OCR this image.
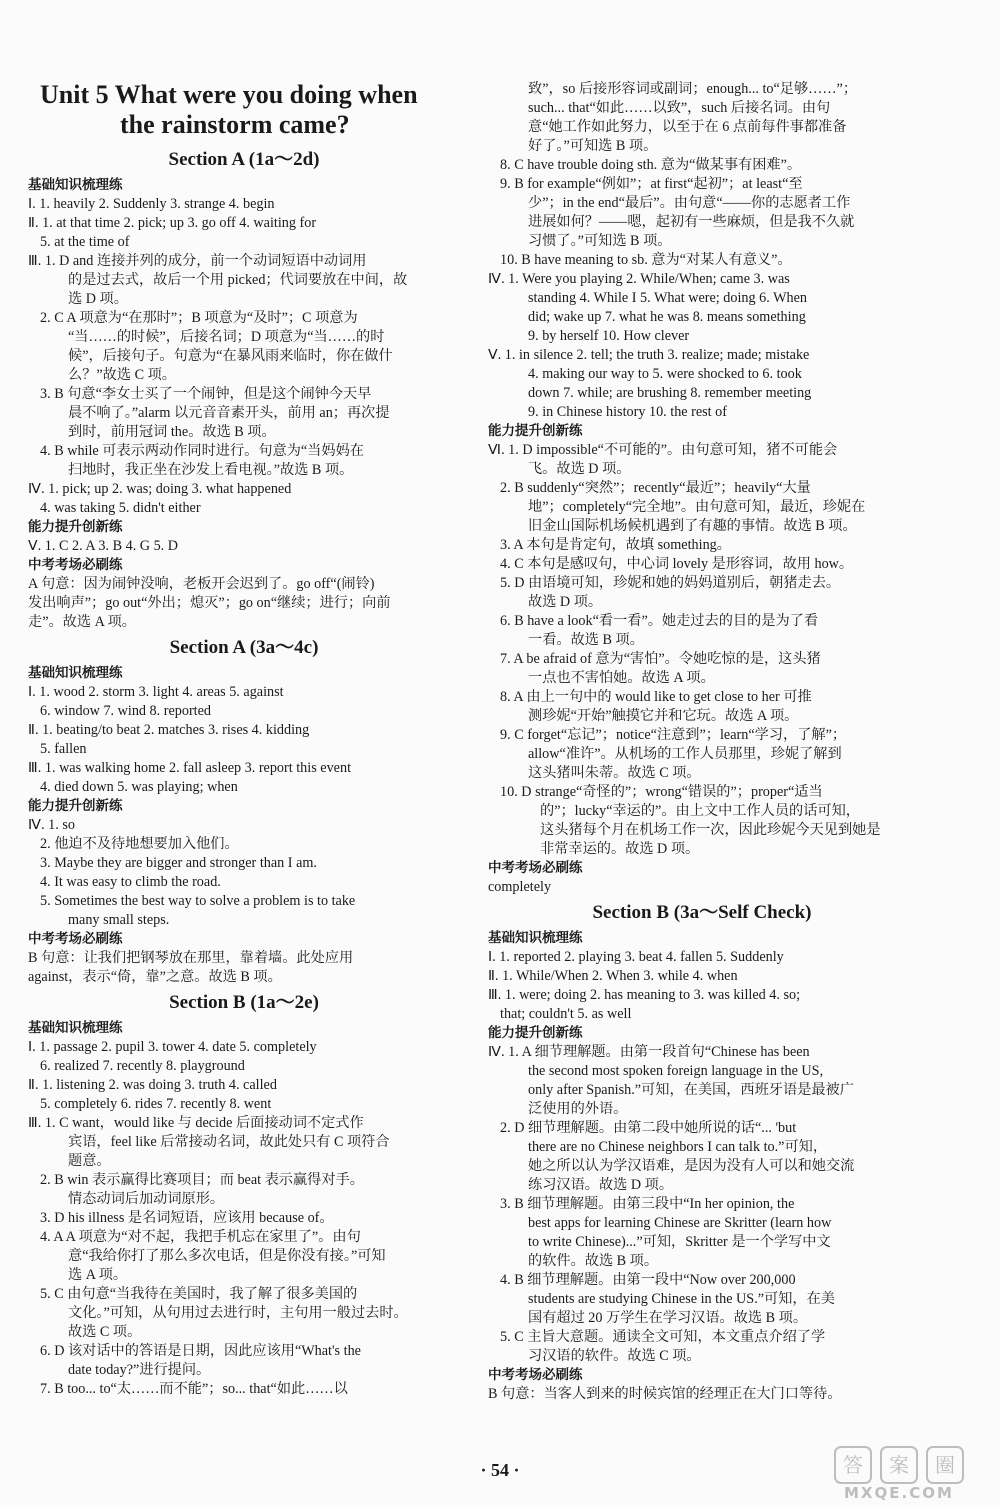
Unit 5 What were you doing when
the rainstorm came?
Section A (1a～2d)
基础知识梳理练
Ⅰ. 1. heavily 2. Suddenly 3. strange 4. begin
Ⅱ. 1. at that time 2. pick; up 3. go off 4. waiting for
5. at the time of
Ⅲ. 1. D and 连接并列的成分，前一个动词短语中动词用
的是过去式，故后一个用 picked；代词要放在中间，故
选 D 项。
2. C A 项意为“在那时”；B 项意为“及时”；C 项意为
“当……的时候”，后接名词；D 项意为“当……的时
候”，后接句子。句意为“在暴风雨来临时，你在做什
么？”故选 C 项。
3. B 句意“李女士买了一个闹钟，但是这个闹钟今天早
晨不响了。”alarm 以元音音素开头，前用 an；再次提
到时，前用冠词 the。故选 B 项。
4. B while 可表示两动作同时进行。句意为“当妈妈在
扫地时，我正坐在沙发上看电视。”故选 B 项。
Ⅳ. 1. pick; up 2. was; doing 3. what happened
4. was taking 5. didn't either
能力提升创新练
Ⅴ. 1. C 2. A 3. B 4. G 5. D
中考考场必刷练
A 句意：因为闹钟没响，老板开会迟到了。go off“(闹铃)
发出响声”；go out“外出；熄灭”；go on“继续；进行；向前
走”。故选 A 项。
Section A (3a～4c)
基础知识梳理练
Ⅰ. 1. wood 2. storm 3. light 4. areas 5. against
6. window 7. wind 8. reported
Ⅱ. 1. beating/to beat 2. matches 3. rises 4. kidding
5. fallen
Ⅲ. 1. was walking home 2. fall asleep 3. report this event
4. died down 5. was playing; when
能力提升创新练
Ⅳ. 1. so
2. 他迫不及待地想要加入他们。
3. Maybe they are bigger and stronger than I am.
4. It was easy to climb the road.
5. Sometimes the best way to solve a problem is to take
many small steps.
中考考场必刷练
B 句意：让我们把钢琴放在那里，靠着墙。此处应用
against，表示“倚，靠”之意。故选 B 项。
Section B (1a～2e)
基础知识梳理练
Ⅰ. 1. passage 2. pupil 3. tower 4. date 5. completely
6. realized 7. recently 8. playground
Ⅱ. 1. listening 2. was doing 3. truth 4. called
5. completely 6. rides 7. recently 8. went
Ⅲ. 1. C want，would like 与 decide 后面接动词不定式作
宾语，feel like 后常接动名词，故此处只有 C 项符合
题意。
2. B win 表示赢得比赛项目；而 beat 表示赢得对手。
情态动词后加动词原形。
3. D his illness 是名词短语，应该用 because of。
4. A A 项意为“对不起，我把手机忘在家里了”。由句
意“我给你打了那么多次电话，但是你没有接。”可知
选 A 项。
5. C 由句意“当我待在美国时，我了解了很多美国的
文化。”可知，从句用过去进行时，主句用一般过去时。
故选 C 项。
6. D 该对话中的答语是日期，因此应该用“What's the
date today?”进行提问。
7. B too... to“太……而不能”；so... that“如此……以
致”，so 后接形容词或副词；enough... to“足够……”；
such... that“如此……以致”，such 后接名词。由句
意“她工作如此努力，以至于在 6 点前每件事都准备
好了。”可知选 B 项。
8. C have trouble doing sth. 意为“做某事有困难”。
9. B for example“例如”；at first“起初”；at least“至
少”；in the end“最后”。由句意“——你的志愿者工作
进展如何？——嗯，起初有一些麻烦，但是我不久就
习惯了。”可知选 B 项。
10. B have meaning to sb. 意为“对某人有意义”。
Ⅳ. 1. Were you playing 2. While/When; came 3. was
standing 4. While I 5. What were; doing 6. When
did; wake up 7. what he was 8. means something
9. by herself 10. How clever
Ⅴ. 1. in silence 2. tell; the truth 3. realize; made; mistake
4. making our way to 5. were shocked to 6. took
down 7. while; are brushing 8. remember meeting
9. in Chinese history 10. the rest of
能力提升创新练
Ⅵ. 1. D impossible“不可能的”。由句意可知，猪不可能会
飞。故选 D 项。
2. B suddenly“突然”；recently“最近”；heavily“大量
地”；completely“完全地”。由句意可知，最近，珍妮在
旧金山国际机场候机遇到了有趣的事情。故选 B 项。
3. A 本句是肯定句，故填 something。
4. C 本句是感叹句，中心词 lovely 是形容词，故用 how。
5. D 由语境可知，珍妮和她的妈妈道别后，朝猪走去。
故选 D 项。
6. B have a look“看一看”。她走过去的目的是为了看
一看。故选 B 项。
7. A be afraid of 意为“害怕”。令她吃惊的是，这头猪
一点也不害怕她。故选 A 项。
8. A 由上一句中的 would like to get close to her 可推
测珍妮“开始”触摸它并和它玩。故选 A 项。
9. C forget“忘记”；notice“注意到”；learn“学习，了解”；
allow“准许”。从机场的工作人员那里，珍妮了解到
这头猪叫朱蒂。故选 C 项。
10. D strange“奇怪的”；wrong“错误的”；proper“适当
的”；lucky“幸运的”。由上文中工作人员的话可知，
这头猪每个月在机场工作一次，因此珍妮今天见到她是
非常幸运的。故选 D 项。
中考考场必刷练
completely
Section B (3a～Self Check)
基础知识梳理练
Ⅰ. 1. reported 2. playing 3. beat 4. fallen 5. Suddenly
Ⅱ. 1. While/When 2. When 3. while 4. when
Ⅲ. 1. were; doing 2. has meaning to 3. was killed 4. so;
that; couldn't 5. as well
能力提升创新练
Ⅳ. 1. A 细节理解题。由第一段首句“Chinese has been
the second most spoken foreign language in the US,
only after Spanish.”可知，在美国，西班牙语是最被广
泛使用的外语。
2. D 细节理解题。由第二段中她所说的话“... 'but
there are no Chinese neighbors I can talk to.”可知，
她之所以认为学汉语难，是因为没有人可以和她交流
练习汉语。故选 D 项。
3. B 细节理解题。由第三段中“In her opinion, the
best apps for learning Chinese are Skritter (learn how
to write Chinese)...”可知，Skritter 是一个学写中文
的软件。故选 B 项。
4. B 细节理解题。由第一段中“Now over 200,000
students are studying Chinese in the US.”可知，在美
国有超过 20 万学生在学习汉语。故选 B 项。
5. C 主旨大意题。通读全文可知，本文重点介绍了学
习汉语的软件。故选 C 项。
中考考场必刷练
B 句意：当客人到来的时候宾馆的经理正在大门口等待。
· 54 ·	答	案	圈
MXQE.COM
